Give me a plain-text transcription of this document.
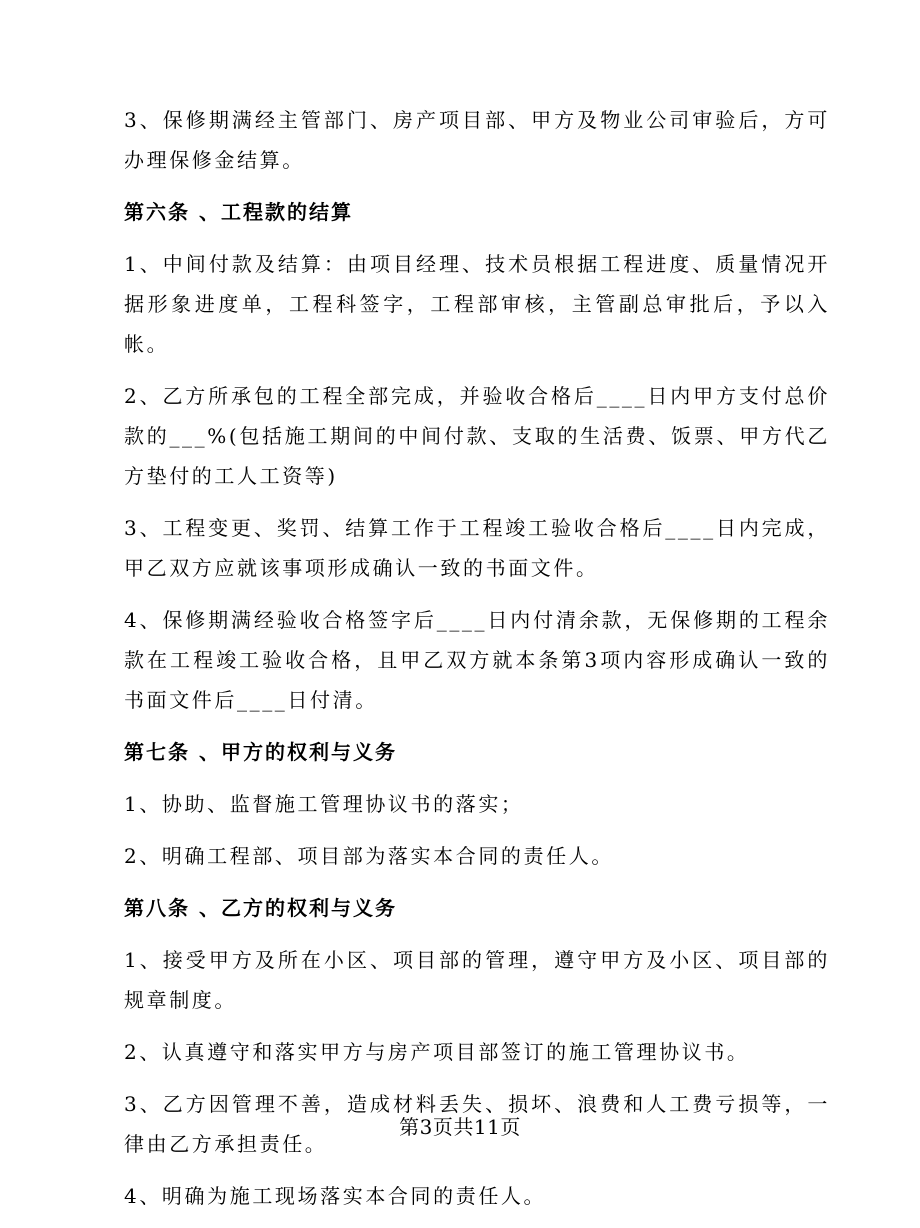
3、保修期满经主管部门、房产项目部、甲方及物业公司审验后，方可办理保修金结算。

第六条 、工程款的结算

1、中间付款及结算：由项目经理、技术员根据工程进度、质量情况开据形象进度单，工程科签字，工程部审核，主管副总审批后，予以入帐。

2、乙方所承包的工程全部完成，并验收合格后____日内甲方支付总价款的___%(包括施工期间的中间付款、支取的生活费、饭票、甲方代乙方垫付的工人工资等)

3、工程变更、奖罚、结算工作于工程竣工验收合格后____日内完成，甲乙双方应就该事项形成确认一致的书面文件。

4、保修期满经验收合格签字后____日内付清余款，无保修期的工程余款在工程竣工验收合格，且甲乙双方就本条第3项内容形成确认一致的书面文件后____日付清。

第七条 、甲方的权利与义务

1、协助、监督施工管理协议书的落实；

2、明确工程部、项目部为落实本合同的责任人。

第八条 、乙方的权利与义务

1、接受甲方及所在小区、项目部的管理，遵守甲方及小区、项目部的规章制度。

2、认真遵守和落实甲方与房产项目部签订的施工管理协议书。

3、乙方因管理不善，造成材料丢失、损坏、浪费和人工费亏损等，一律由乙方承担责任。

4、明确为施工现场落实本合同的责任人。

第3页共11页
